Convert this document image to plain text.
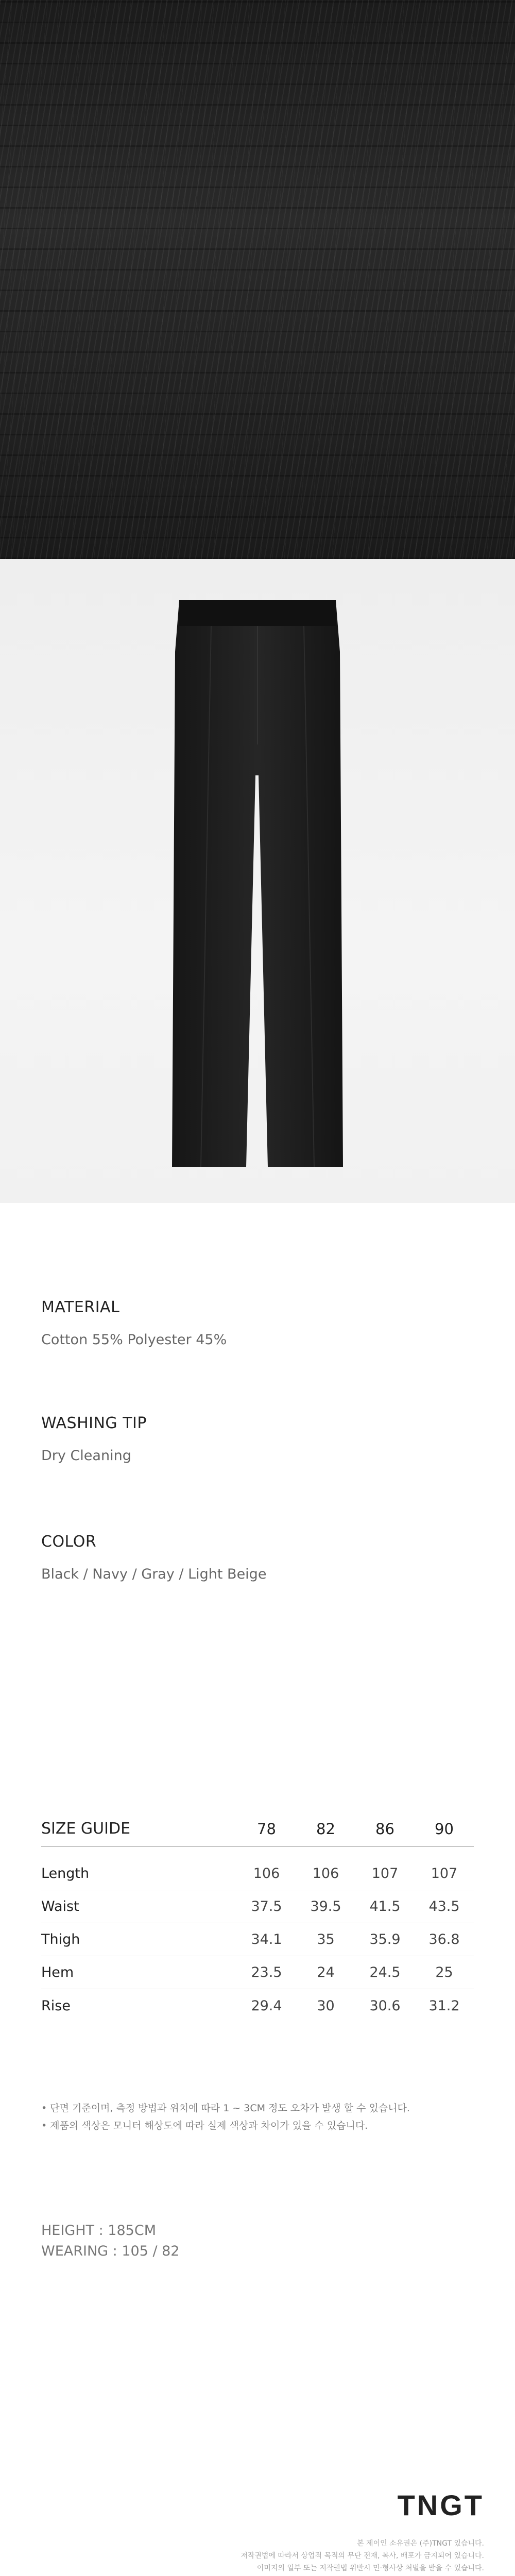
MATERIAL
Cotton 55% Polyester 45%
WASHING TIP
Dry Cleaning
COLOR
Black / Navy / Gray / Light Beige
SIZE GUIDE	78	82	86	90
Length	106	106	107	107
Waist	37.5	39.5	41.5	43.5
Thigh	34.1	35	35.9	36.8
Hem	23.5	24	24.5	25
Rise	29.4	30	30.6	31.2
• 단면 기준이며, 측정 방법과 위치에 따라 1 ~ 3CM 정도 오차가 발생 할 수 있습니다.
• 제품의 색상은 모니터 해상도에 따라 실제 색상과 차이가 있을 수 있습니다.
HEIGHT : 185CM
WEARING : 105 / 82
TNGT
본 제이인 소유권은 (주)TNGT 있습니다.
저작권법에 따라서 상업적 목적의 무단 전재, 복사, 배포가 금지되어 있습니다.
이미지의 일부 또는 저작권법 위반시 민·형사상 처벌을 받을 수 있습니다.
